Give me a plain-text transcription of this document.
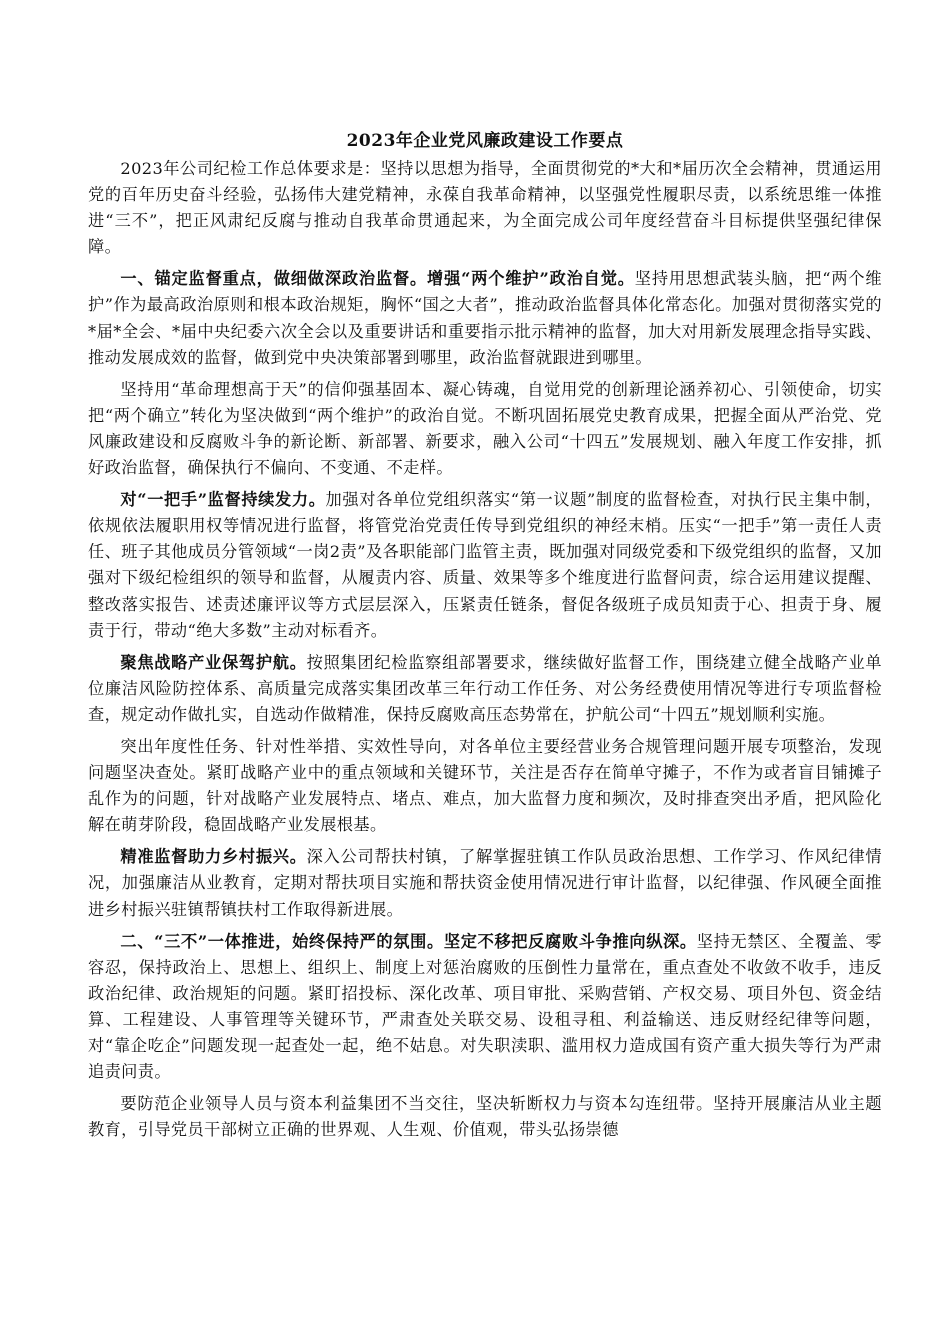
2023年企业党风廉政建设工作要点
2023年公司纪检工作总体要求是：坚持以思想为指导，全面贯彻党的*大和*届历次全会精神，贯通运用党的百年历史奋斗经验，弘扬伟大建党精神，永葆自我革命精神，以坚强党性履职尽责，以系统思维一体推进“三不”，把正风肃纪反腐与推动自我革命贯通起来，为全面完成公司年度经营奋斗目标提供坚强纪律保障。
一、锚定监督重点，做细做深政治监督。增强“两个维护”政治自觉。坚持用思想武装头脑，把“两个维护”作为最高政治原则和根本政治规矩，胸怀“国之大者”，推动政治监督具体化常态化。加强对贯彻落实党的*届*全会、*届中央纪委六次全会以及重要讲话和重要指示批示精神的监督，加大对用新发展理念指导实践、推动发展成效的监督，做到党中央决策部署到哪里，政治监督就跟进到哪里。
坚持用“革命理想高于天”的信仰强基固本、凝心铸魂，自觉用党的创新理论涵养初心、引领使命，切实把“两个确立”转化为坚决做到“两个维护”的政治自觉。不断巩固拓展党史教育成果，把握全面从严治党、党风廉政建设和反腐败斗争的新论断、新部署、新要求，融入公司“十四五”发展规划、融入年度工作安排，抓好政治监督，确保执行不偏向、不变通、不走样。
对“一把手”监督持续发力。加强对各单位党组织落实“第一议题”制度的监督检查，对执行民主集中制，依规依法履职用权等情况进行监督，将管党治党责任传导到党组织的神经末梢。压实“一把手”第一责任人责任、班子其他成员分管领域“一岗2责”及各职能部门监管主责，既加强对同级党委和下级党组织的监督，又加强对下级纪检组织的领导和监督，从履责内容、质量、效果等多个维度进行监督问责，综合运用建议提醒、整改落实报告、述责述廉评议等方式层层深入，压紧责任链条，督促各级班子成员知责于心、担责于身、履责于行，带动“绝大多数”主动对标看齐。
聚焦战略产业保驾护航。按照集团纪检监察组部署要求，继续做好监督工作，围绕建立健全战略产业单位廉洁风险防控体系、高质量完成落实集团改革三年行动工作任务、对公务经费使用情况等进行专项监督检查，规定动作做扎实，自选动作做精准，保持反腐败高压态势常在，护航公司“十四五”规划顺利实施。
突出年度性任务、针对性举措、实效性导向，对各单位主要经营业务合规管理问题开展专项整治，发现问题坚决查处。紧盯战略产业中的重点领域和关键环节，关注是否存在简单守摊子，不作为或者盲目铺摊子乱作为的问题，针对战略产业发展特点、堵点、难点，加大监督力度和频次，及时排查突出矛盾，把风险化解在萌芽阶段，稳固战略产业发展根基。
精准监督助力乡村振兴。深入公司帮扶村镇，了解掌握驻镇工作队员政治思想、工作学习、作风纪律情况，加强廉洁从业教育，定期对帮扶项目实施和帮扶资金使用情况进行审计监督，以纪律强、作风硬全面推进乡村振兴驻镇帮镇扶村工作取得新进展。
二、“三不”一体推进，始终保持严的氛围。坚定不移把反腐败斗争推向纵深。坚持无禁区、全覆盖、零容忍，保持政治上、思想上、组织上、制度上对惩治腐败的压倒性力量常在，重点查处不收敛不收手，违反政治纪律、政治规矩的问题。紧盯招投标、深化改革、项目审批、采购营销、产权交易、项目外包、资金结算、工程建设、人事管理等关键环节，严肃查处关联交易、设租寻租、利益输送、违反财经纪律等问题，对“靠企吃企”问题发现一起查处一起，绝不姑息。对失职渎职、滥用权力造成国有资产重大损失等行为严肃追责问责。
要防范企业领导人员与资本利益集团不当交往，坚决斩断权力与资本勾连纽带。坚持开展廉洁从业主题教育，引导党员干部树立正确的世界观、人生观、价值观，带头弘扬崇德
